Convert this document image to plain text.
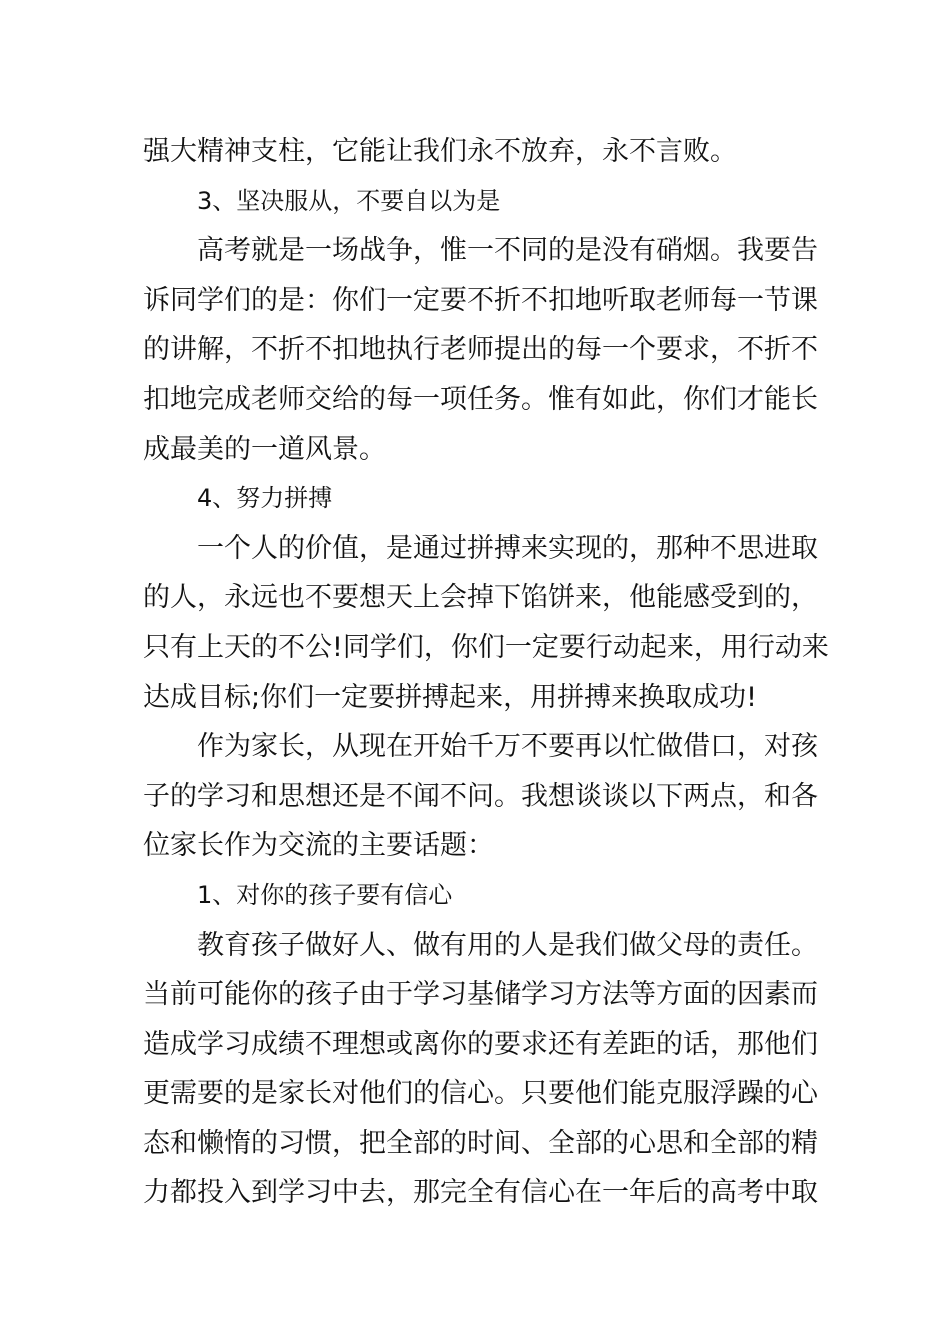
强大精神支柱，它能让我们永不放弃，永不言败。
3、坚决服从，不要自以为是
高考就是一场战争，惟一不同的是没有硝烟。我要告
诉同学们的是：你们一定要不折不扣地听取老师每一节课
的讲解，不折不扣地执行老师提出的每一个要求，不折不
扣地完成老师交给的每一项任务。惟有如此，你们才能长
成最美的一道风景。
4、努力拼搏
一个人的价值，是通过拼搏来实现的，那种不思进取
的人，永远也不要想天上会掉下馅饼来，他能感受到的，
只有上天的不公!同学们，你们一定要行动起来，用行动来
达成目标;你们一定要拼搏起来，用拼搏来换取成功!
作为家长，从现在开始千万不要再以忙做借口，对孩
子的学习和思想还是不闻不问。我想谈谈以下两点，和各
位家长作为交流的主要话题：
1、对你的孩子要有信心
教育孩子做好人、做有用的人是我们做父母的责任。
当前可能你的孩子由于学习基储学习方法等方面的因素而
造成学习成绩不理想或离你的要求还有差距的话，那他们
更需要的是家长对他们的信心。只要他们能克服浮躁的心
态和懒惰的习惯，把全部的时间、全部的心思和全部的精
力都投入到学习中去，那完全有信心在一年后的高考中取
